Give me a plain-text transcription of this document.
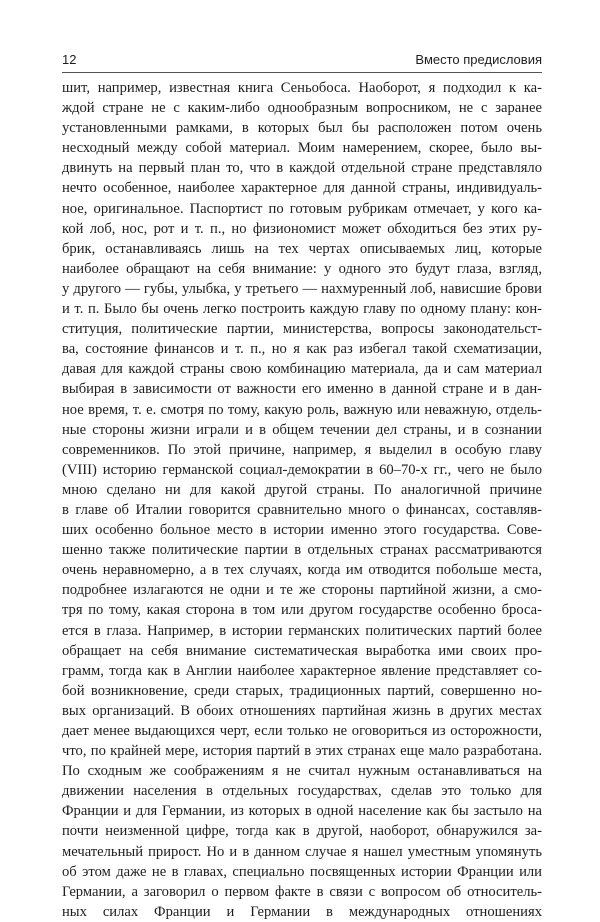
12	Вместо предисловия
шит, например, известная книга Сеньобоса. Наоборот, я подходил к ка-
ждой стране не с каким-либо однообразным вопросником, не с заранее
установленными рамками, в которых был бы расположен потом очень
несходный между собой материал. Моим намерением, скорее, было вы-
двинуть на первый план то, что в каждой отдельной стране представляло
нечто особенное, наиболее характерное для данной страны, индивидуаль-
ное, оригинальное. Паспортист по готовым рубрикам отмечает, у кого ка-
кой лоб, нос, рот и т. п., но физиономист может обходиться без этих ру-
брик, останавливаясь лишь на тех чертах описываемых лиц, которые
наиболее обращают на себя внимание: у одного это будут глаза, взгляд,
у другого — губы, улыбка, у третьего — нахмуренный лоб, нависшие брови
и т. п. Было бы очень легко построить каждую главу по одному плану: кон-
ституция, политические партии, министерства, вопросы законодательст-
ва, состояние финансов и т. п., но я как раз избегал такой схематизации,
давая для каждой страны свою комбинацию материала, да и сам материал
выбирая в зависимости от важности его именно в данной стране и в дан-
ное время, т. е. смотря по тому, какую роль, важную или неважную, отдель-
ные стороны жизни играли и в общем течении дел страны, и в сознании
современников. По этой причине, например, я выделил в особую главу
(VIII) историю германской социал-демократии в 60–70-х гг., чего не было
мною сделано ни для какой другой страны. По аналогичной причине
в главе об Италии говорится сравнительно много о финансах, составляв-
ших особенно больное место в истории именно этого государства. Сове-
шенно также политические партии в отдельных странах рассматриваются
очень неравномерно, а в тех случаях, когда им отводится побольше места,
подробнее излагаются не одни и те же стороны партийной жизни, а смо-
тря по тому, какая сторона в том или другом государстве особенно броса-
ется в глаза. Например, в истории германских политических партий более
обращает на себя внимание систематическая выработка ими своих про-
грамм, тогда как в Англии наиболее характерное явление представляет со-
бой возникновение, среди старых, традиционных партий, совершенно но-
вых организаций. В обоих отношениях партийная жизнь в других местах
дает менее выдающихся черт, если только не оговориться из осторожности,
что, по крайней мере, история партий в этих странах еще мало разработана.
По сходным же соображениям я не считал нужным останавливаться на
движении населения в отдельных государствах, сделав это только для
Франции и для Германии, из которых в одной население как бы застыло на
почти неизменной цифре, тогда как в другой, наоборот, обнаружился за-
мечательный прирост. Но и в данном случае я нашел уместным упомянуть
об этом даже не в главах, специально посвященных истории Франции или
Германии, а заговорил о первом факте в связи с вопросом об относитель-
ных силах Франции и Германии в международных отношениях
